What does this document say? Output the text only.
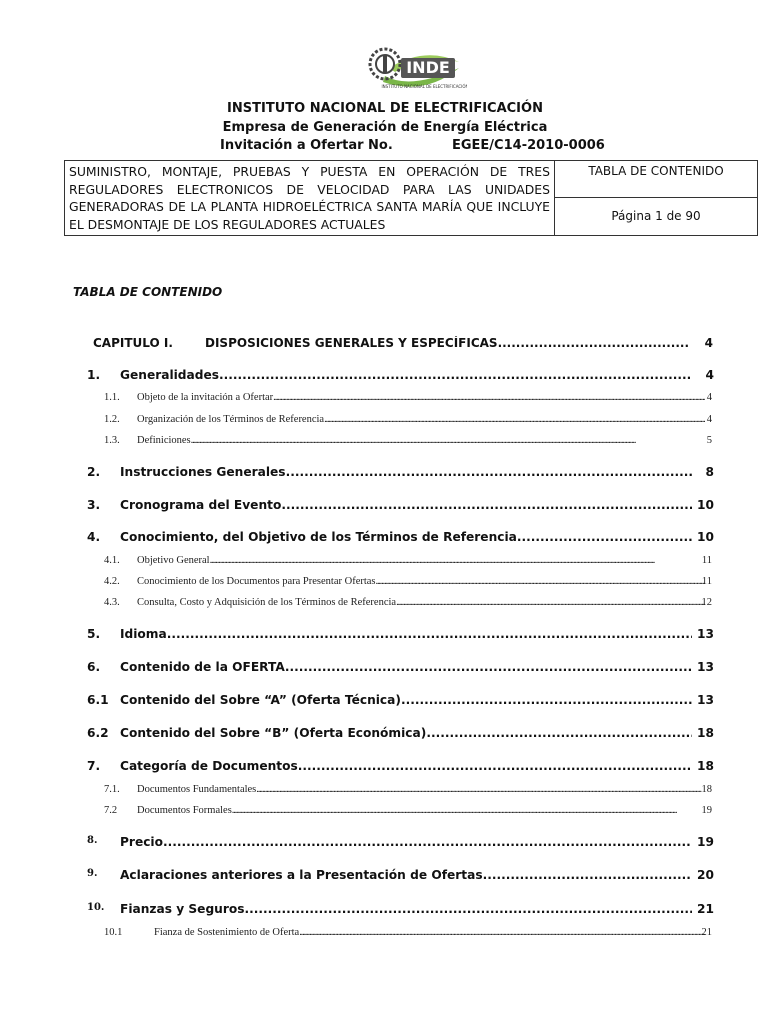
INDE
INSTITUTO NACIONAL DE ELECTRIFICACIÓN
INSTITUTO NACIONAL DE ELECTRIFICACIÓN
Empresa de Generación de Energía Eléctrica
Invitación a Ofertar No.	EGEE/C14-2010-0006
SUMINISTRO, MONTAJE, PRUEBAS Y PUESTA EN OPERACIÓN DE TRES REGULADORES ELECTRONICOS DE VELOCIDAD PARA LAS UNIDADES GENERADORAS DE LA PLANTA HIDROELÉCTRICA SANTA MARÍA QUE INCLUYE EL DESMONTAJE DE LOS REGULADORES ACTUALES
TABLA DE CONTENIDO
Página 1 de 90
TABLA DE CONTENIDO
CAPITULO I.	DISPOSICIONES GENERALES Y ESPECÍFICAS .....	4
1. Generalidades .....	4
1.1. Objeto de la invitación a Ofertar .....	4
1.2. Organización de los Términos de Referencia .....	4
1.3. Definiciones .....	5
2. Instrucciones Generales .....	8
3. Cronograma del Evento .....	10
4. Conocimiento, del Objetivo de los Términos de Referencia .....	10
4.1. Objetivo General .....	11
4.2. Conocimiento de los Documentos para Presentar Ofertas .....	11
4.3. Consulta, Costo y Adquisición de los Términos de Referencia .....	12
5. Idioma .....	13
6. Contenido de la OFERTA .....	13
6.1 Contenido del Sobre “A” (Oferta Técnica) .....	13
6.2 Contenido del Sobre “B” (Oferta Económica) .....	18
7. Categoría de Documentos .....	18
7.1. Documentos Fundamentales .....	18
7.2 Documentos Formales .....	19
8. Precio .....	19
9. Aclaraciones anteriores a la Presentación de Ofertas .....	20
10. Fianzas y Seguros .....	21
10.1	Fianza de Sostenimiento de Oferta .....	21
